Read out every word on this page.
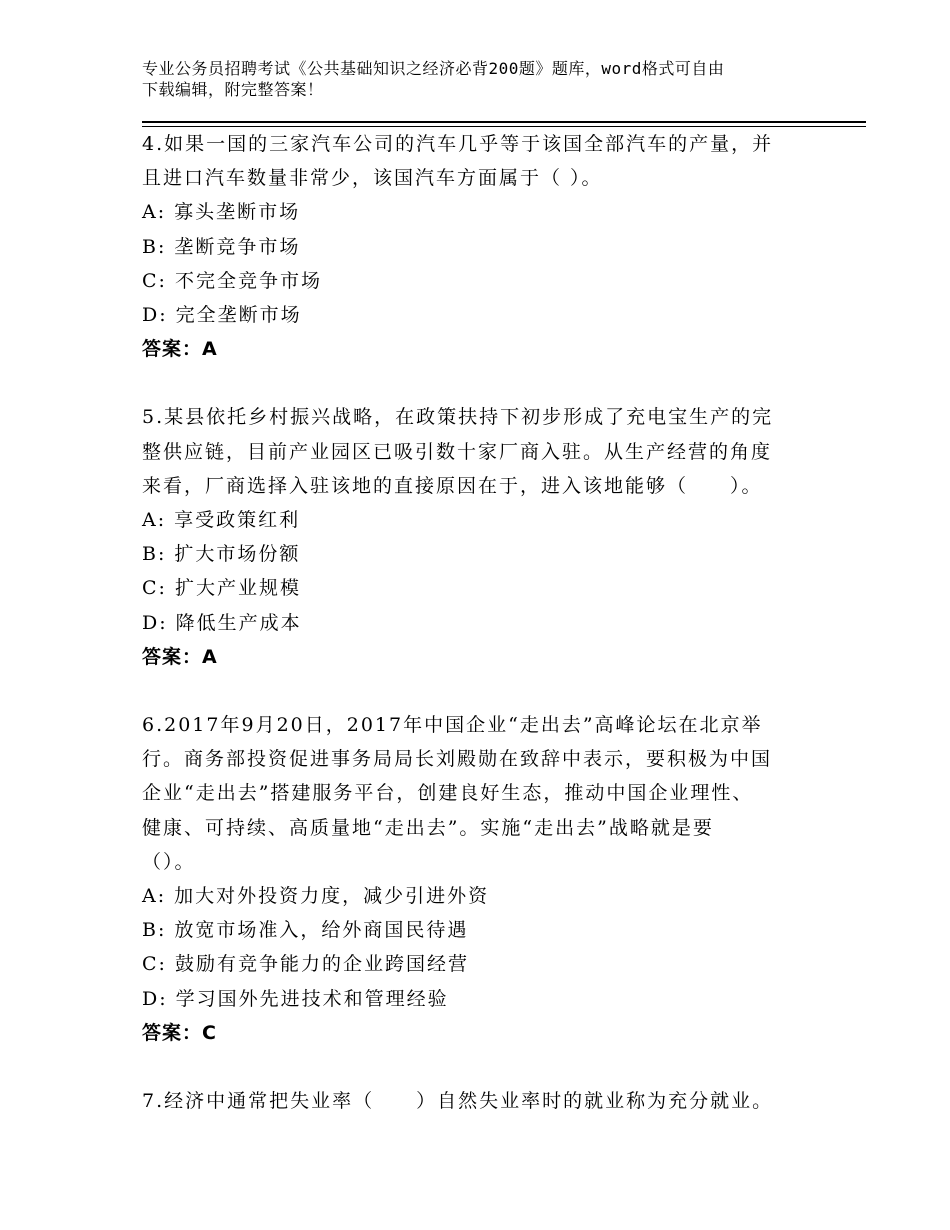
专业公务员招聘考试《公共基础知识之经济必背200题》题库，word格式可自由
下载编辑，附完整答案！
4.如果一国的三家汽车公司的汽车几乎等于该国全部汽车的产量，并
且进口汽车数量非常少，该国汽车方面属于（ ）。
A: 寡头垄断市场
B: 垄断竞争市场
C: 不完全竞争市场
D: 完全垄断市场
答案：A
5.某县依托乡村振兴战略，在政策扶持下初步形成了充电宝生产的完
整供应链，目前产业园区已吸引数十家厂商入驻。从生产经营的角度
来看，厂商选择入驻该地的直接原因在于，进入该地能够（　　）。
A: 享受政策红利
B: 扩大市场份额
C: 扩大产业规模
D: 降低生产成本
答案：A
6.2017年9月20日，2017年中国企业“走出去”高峰论坛在北京举
行。商务部投资促进事务局局长刘殿勋在致辞中表示，要积极为中国
企业“走出去”搭建服务平台，创建良好生态，推动中国企业理性、
健康、可持续、高质量地“走出去”。实施“走出去”战略就是要
（）。
A: 加大对外投资力度，减少引进外资
B: 放宽市场准入，给外商国民待遇
C: 鼓励有竞争能力的企业跨国经营
D: 学习国外先进技术和管理经验
答案：C
7.经济中通常把失业率（　　）自然失业率时的就业称为充分就业。
